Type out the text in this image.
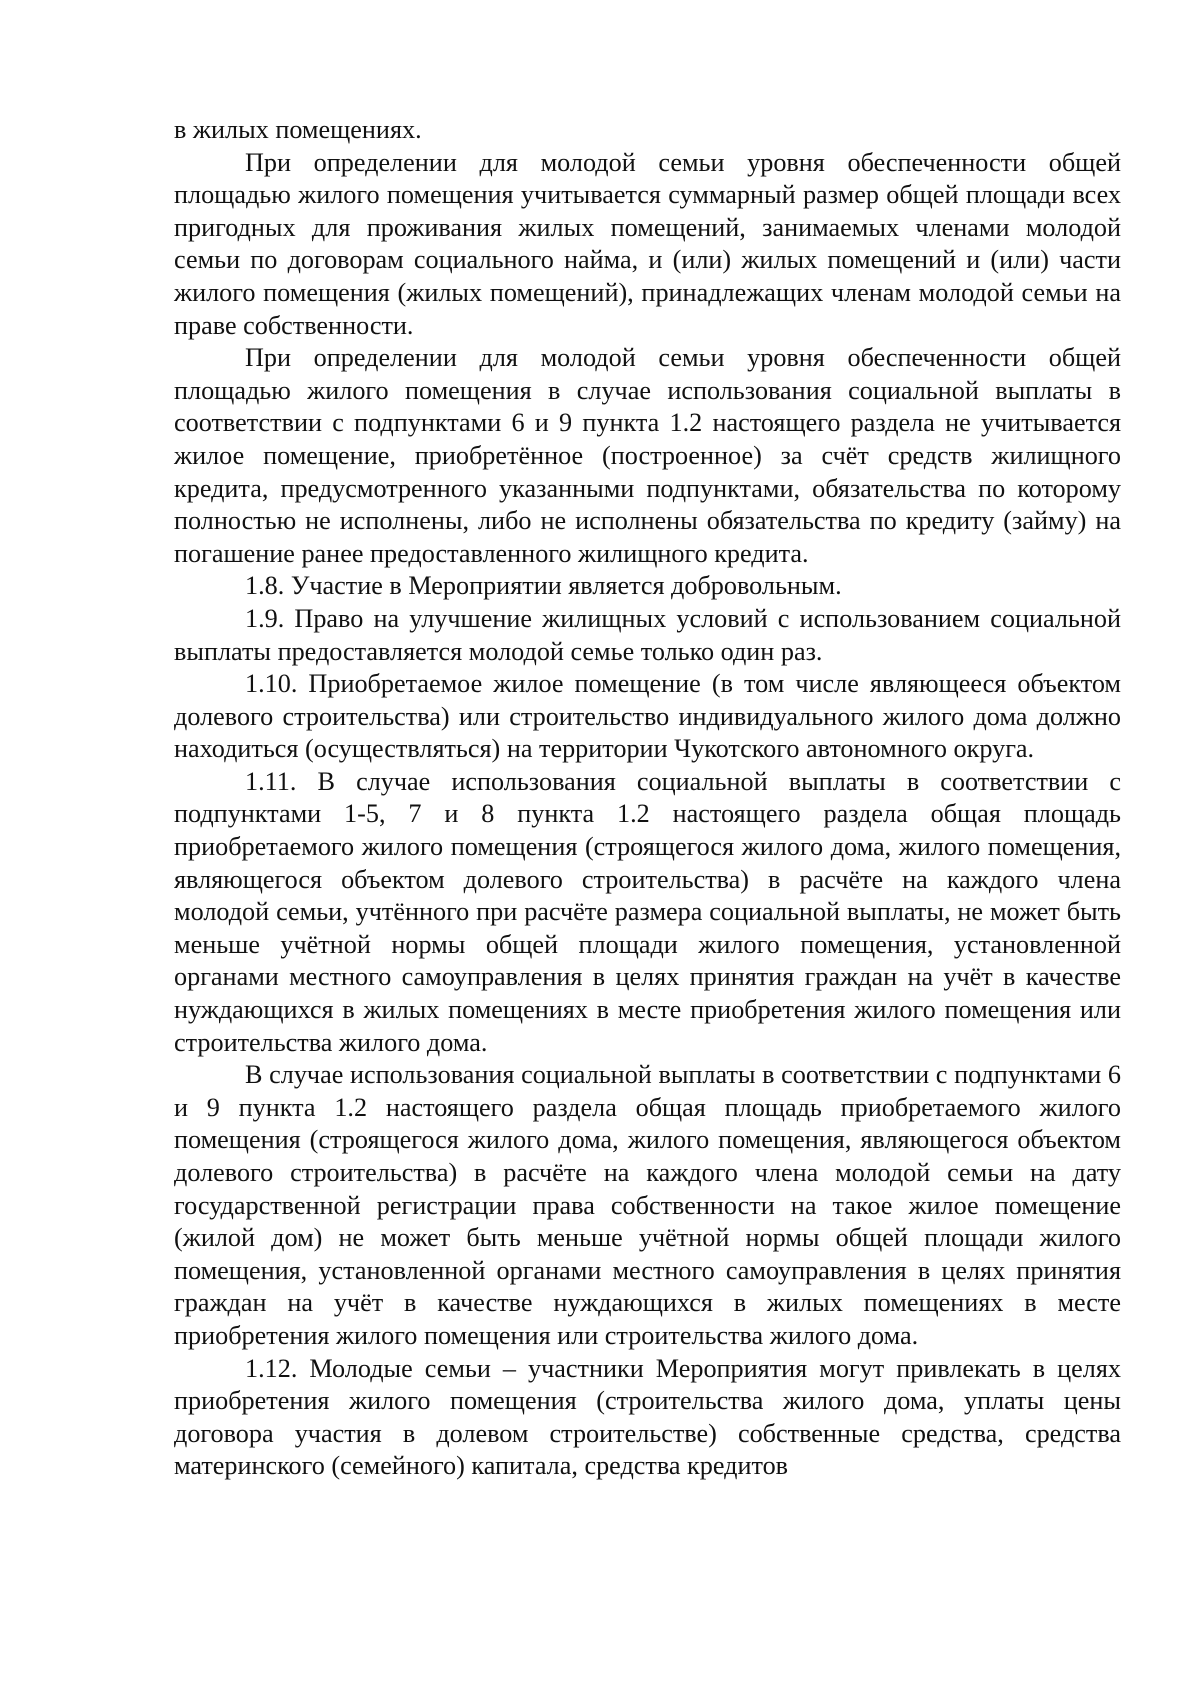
в жилых помещениях.

При определении для молодой семьи уровня обеспеченности общей площадью жилого помещения учитывается суммарный размер общей площади всех пригодных для проживания жилых помещений, занимаемых членами молодой семьи по договорам социального найма, и (или) жилых помещений и (или) части жилого помещения (жилых помещений), принадлежащих членам молодой семьи на праве собственности.

При определении для молодой семьи уровня обеспеченности общей площадью жилого помещения в случае использования социальной выплаты в соответствии с подпунктами 6 и 9 пункта 1.2 настоящего раздела не учитывается жилое помещение, приобретённое (построенное) за счёт средств жилищного кредита, предусмотренного указанными подпунктами, обязательства по которому полностью не исполнены, либо не исполнены обязательства по кредиту (займу) на погашение ранее предоставленного жилищного кредита.

1.8. Участие в Мероприятии является добровольным.

1.9. Право на улучшение жилищных условий с использованием социальной выплаты предоставляется молодой семье только один раз.

1.10. Приобретаемое жилое помещение (в том числе являющееся объектом долевого строительства) или строительство индивидуального жилого дома должно находиться (осуществляться) на территории Чукотского автономного округа.

1.11. В случае использования социальной выплаты в соответствии с подпунктами 1-5, 7 и 8 пункта 1.2 настоящего раздела общая площадь приобретаемого жилого помещения (строящегося жилого дома, жилого помещения, являющегося объектом долевого строительства) в расчёте на каждого члена молодой семьи, учтённого при расчёте размера социальной выплаты, не может быть меньше учётной нормы общей площади жилого помещения, установленной органами местного самоуправления в целях принятия граждан на учёт в качестве нуждающихся в жилых помещениях в месте приобретения жилого помещения или строительства жилого дома.

В случае использования социальной выплаты в соответствии с подпунктами 6 и 9 пункта 1.2 настоящего раздела общая площадь приобретаемого жилого помещения (строящегося жилого дома, жилого помещения, являющегося объектом долевого строительства) в расчёте на каждого члена молодой семьи на дату государственной регистрации права собственности на такое жилое помещение (жилой дом) не может быть меньше учётной нормы общей площади жилого помещения, установленной органами местного самоуправления в целях принятия граждан на учёт в качестве нуждающихся в жилых помещениях в месте приобретения жилого помещения или строительства жилого дома.

1.12. Молодые семьи – участники Мероприятия могут привлекать в целях приобретения жилого помещения (строительства жилого дома, уплаты цены договора участия в долевом строительстве) собственные средства, средства материнского (семейного) капитала, средства кредитов
